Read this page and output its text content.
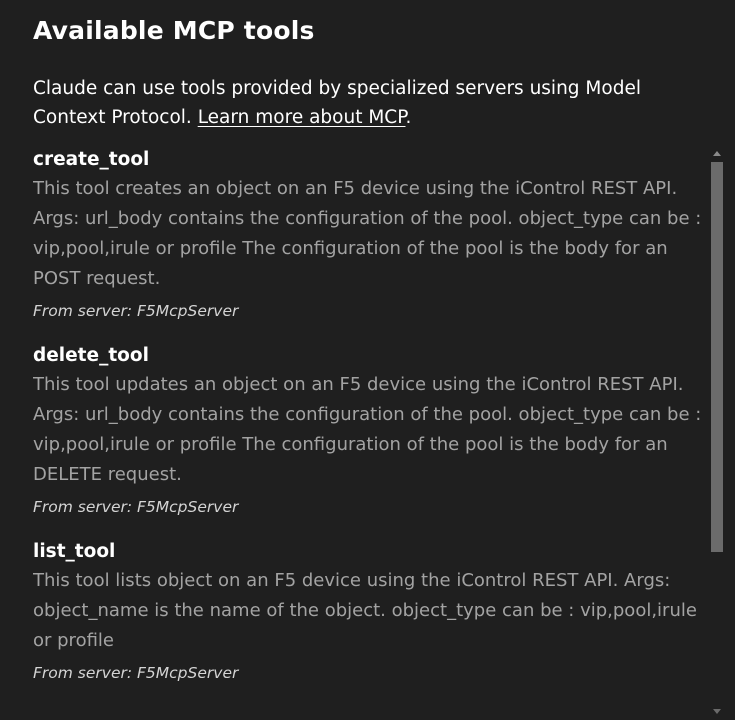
Available MCP tools

Claude can use tools provided by specialized servers using Model Context Protocol. Learn more about MCP.

create_tool

This tool creates an object on an F5 device using the iControl REST API. Args: url_body contains the configuration of the pool. object_type can be : vip,pool,irule or profile The configuration of the pool is the body for an POST request.

From server: F5McpServer
delete_tool

This tool updates an object on an F5 device using the iControl REST API. Args: url_body contains the configuration of the pool. object_type can be : vip,pool,irule or profile The configuration of the pool is the body for an DELETE request.

From server: F5McpServer
list_tool

This tool lists object on an F5 device using the iControl REST API. Args: object_name is the name of the object. object_type can be : vip,pool,irule or profile

From server: F5McpServer
